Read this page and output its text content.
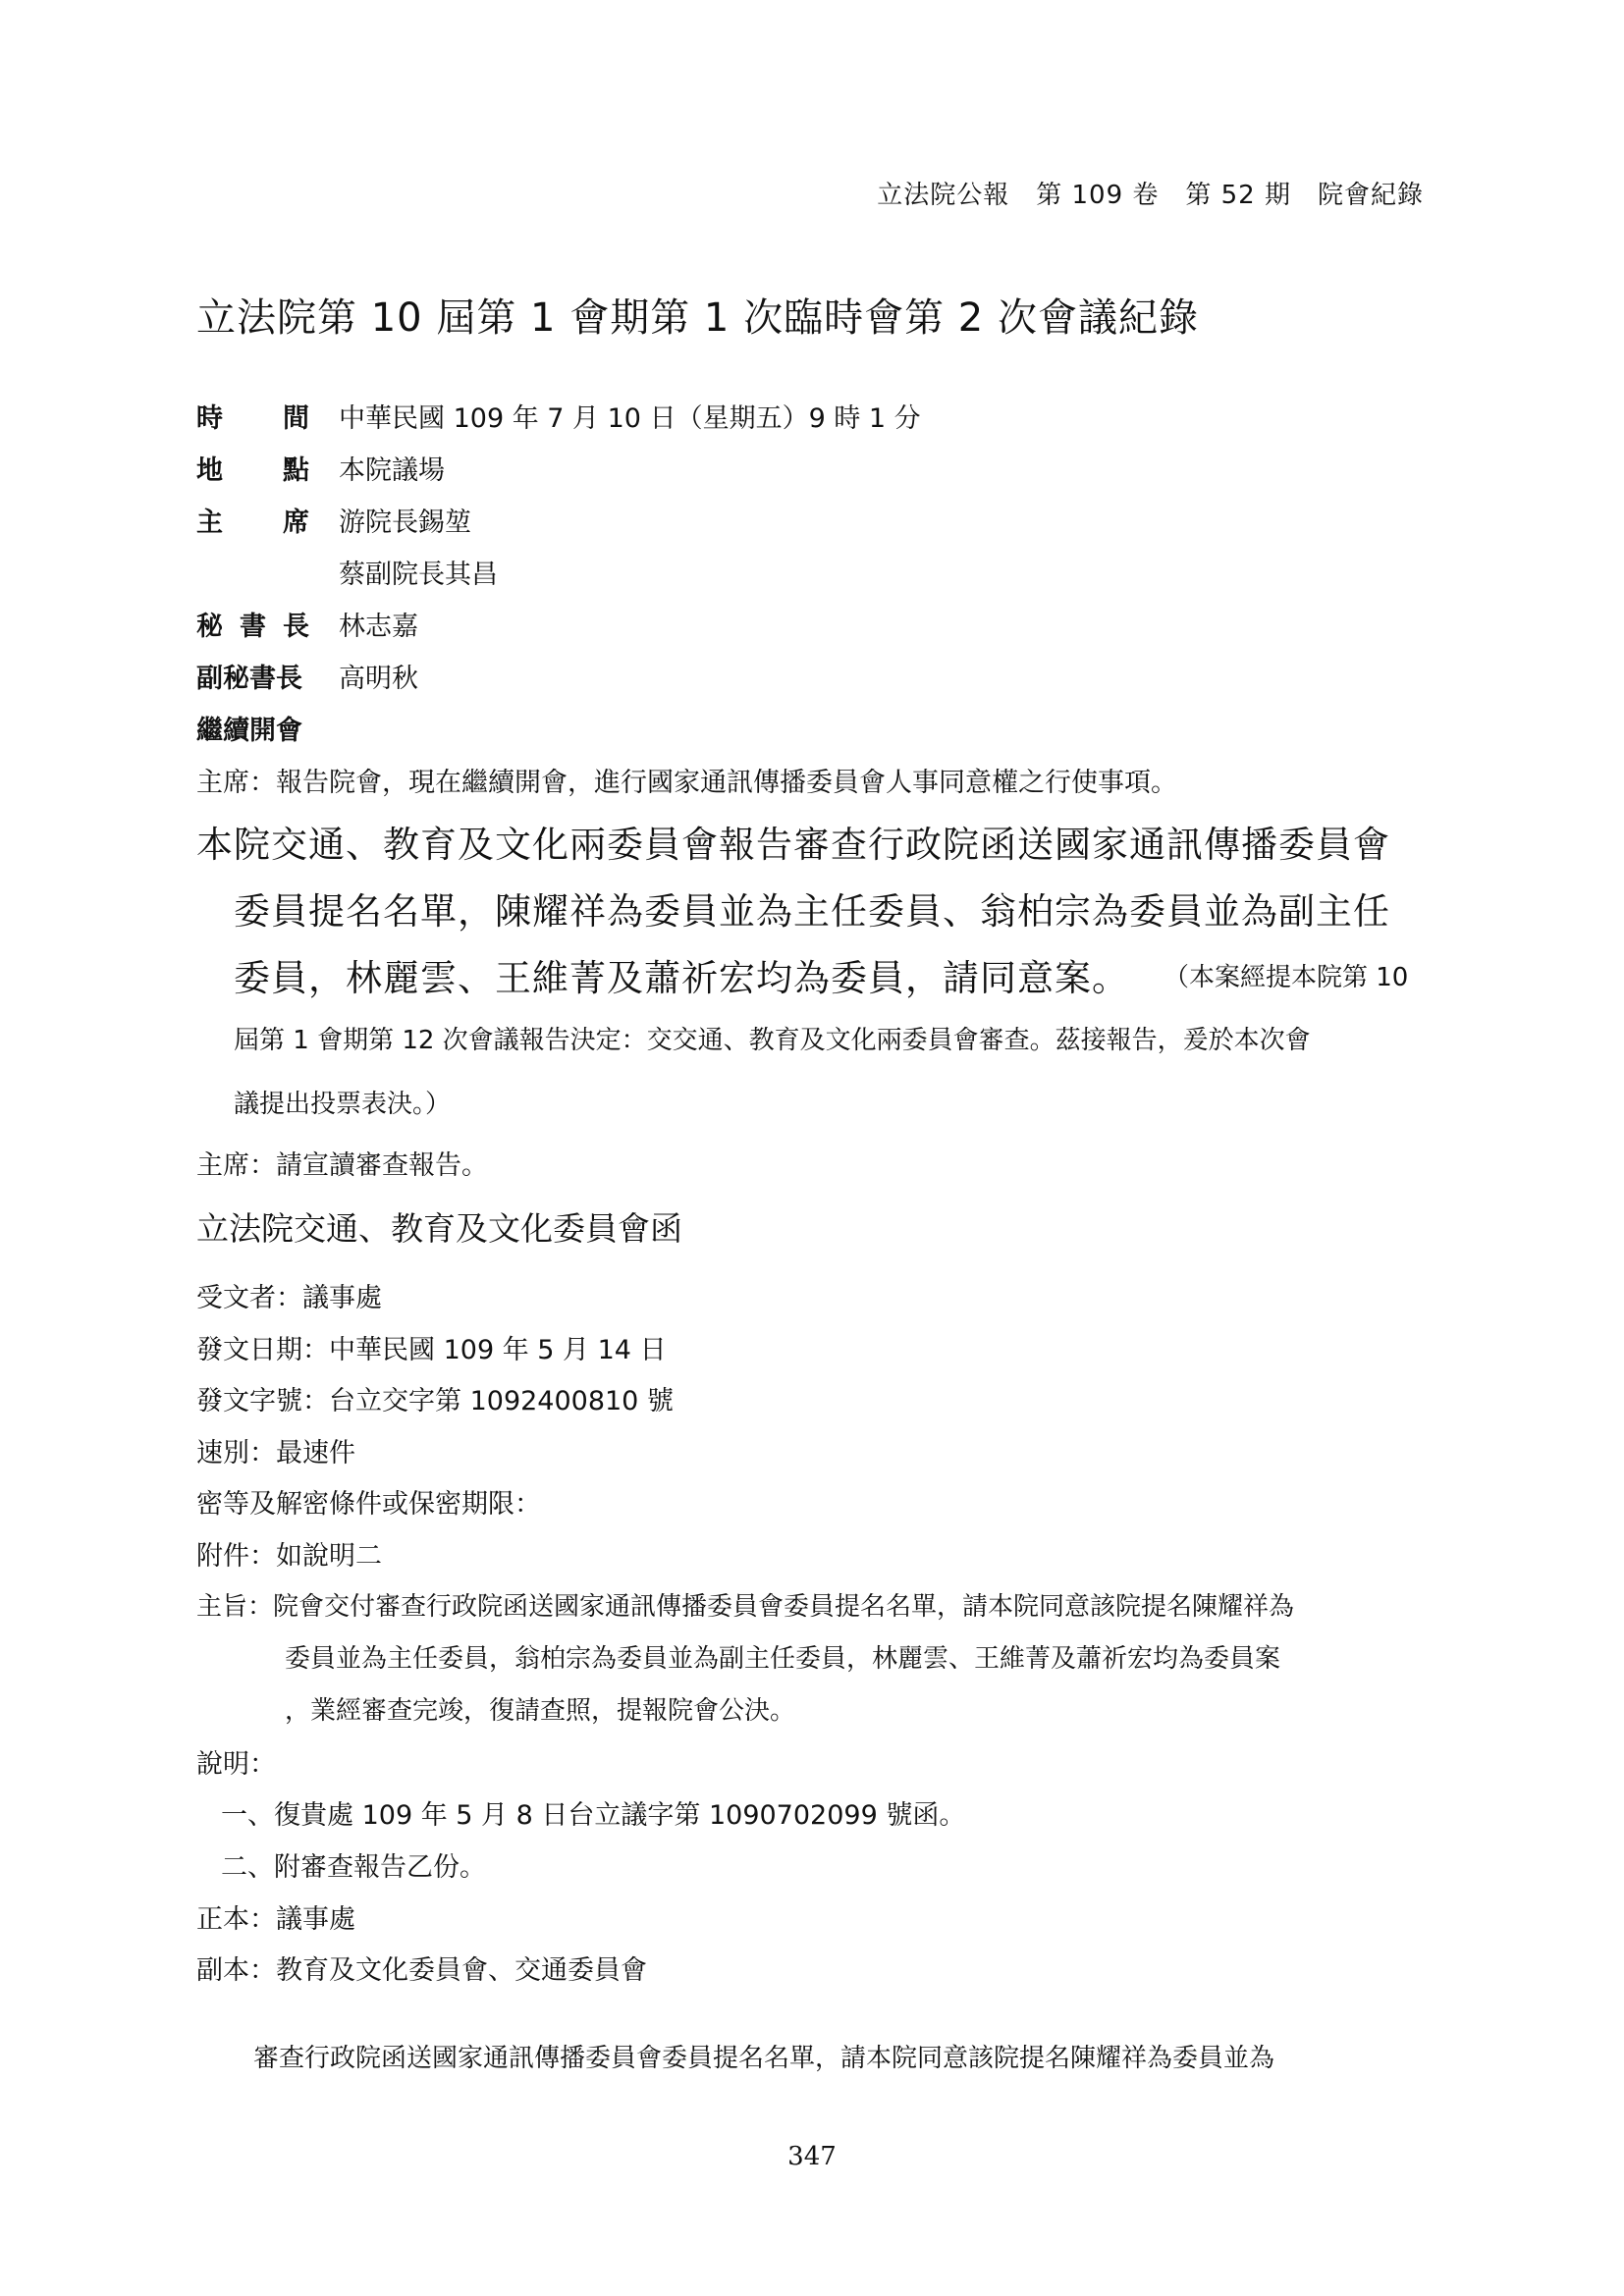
立法院公報　第 109 卷　第 52 期　院會紀錄
立法院第 10 屆第 1 會期第 1 次臨時會第 2 次會議紀錄
時 間 中華民國 109 年 7 月 10 日（星期五）9 時 1 分
地 點 本院議場
主 席 游院長錫堃
蔡副院長其昌
秘 書 長 林志嘉
副秘書長 高明秋
繼續開會
主席：報告院會，現在繼續開會，進行國家通訊傳播委員會人事同意權之行使事項。
本院交通、教育及文化兩委員會報告審查行政院函送國家通訊傳播委員會
委員提名名單，陳耀祥為委員並為主任委員、翁柏宗為委員並為副主任
委員，林麗雲、王維菁及蕭祈宏均為委員，請同意案。 （本案經提本院第 10
屆第 1 會期第 12 次會議報告決定：交交通、教育及文化兩委員會審查。茲接報告，爰於本次會
議提出投票表決。）
主席：請宣讀審查報告。
立法院交通、教育及文化委員會函
受文者：議事處
發文日期：中華民國 109 年 5 月 14 日
發文字號：台立交字第 1092400810 號
速別：最速件
密等及解密條件或保密期限：
附件：如說明二
主旨：院會交付審查行政院函送國家通訊傳播委員會委員提名名單，請本院同意該院提名陳耀祥為
委員並為主任委員，翁柏宗為委員並為副主任委員，林麗雲、王維菁及蕭祈宏均為委員案
，業經審查完竣，復請查照，提報院會公決。
說明：
一、復貴處 109 年 5 月 8 日台立議字第 1090702099 號函。
二、附審查報告乙份。
正本：議事處
副本：教育及文化委員會、交通委員會
審查行政院函送國家通訊傳播委員會委員提名名單，請本院同意該院提名陳耀祥為委員並為
347
